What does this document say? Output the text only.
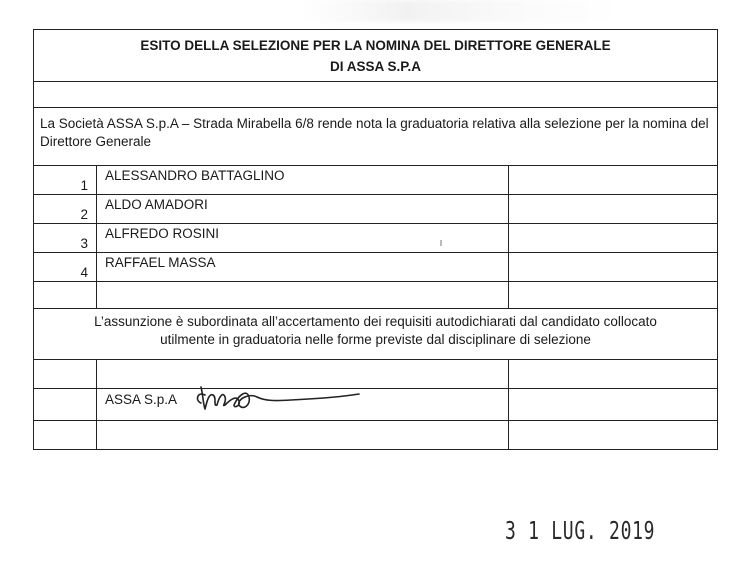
ESITO DELLA SELEZIONE PER LA NOMINA DEL DIRETTORE GENERALE
DI ASSA S.P.A		

La Società ASSA S.p.A – Strada Mirabella 6/8 rende nota la graduatoria relativa alla selezione per la nomina del Direttore Generale		
1	ALESSANDRO BATTAGLINO	
2	ALDO AMADORI	
3	ALFREDO ROSINI	
4	RAFFAEL MASSA	

L’assunzione è subordinata all’accertamento dei requisiti autodichiarati dal candidato collocato
utilmente in graduatoria nelle forme previste dal disciplinare di selezione		

	ASSA S.p.A

3 1 LUG. 2019
